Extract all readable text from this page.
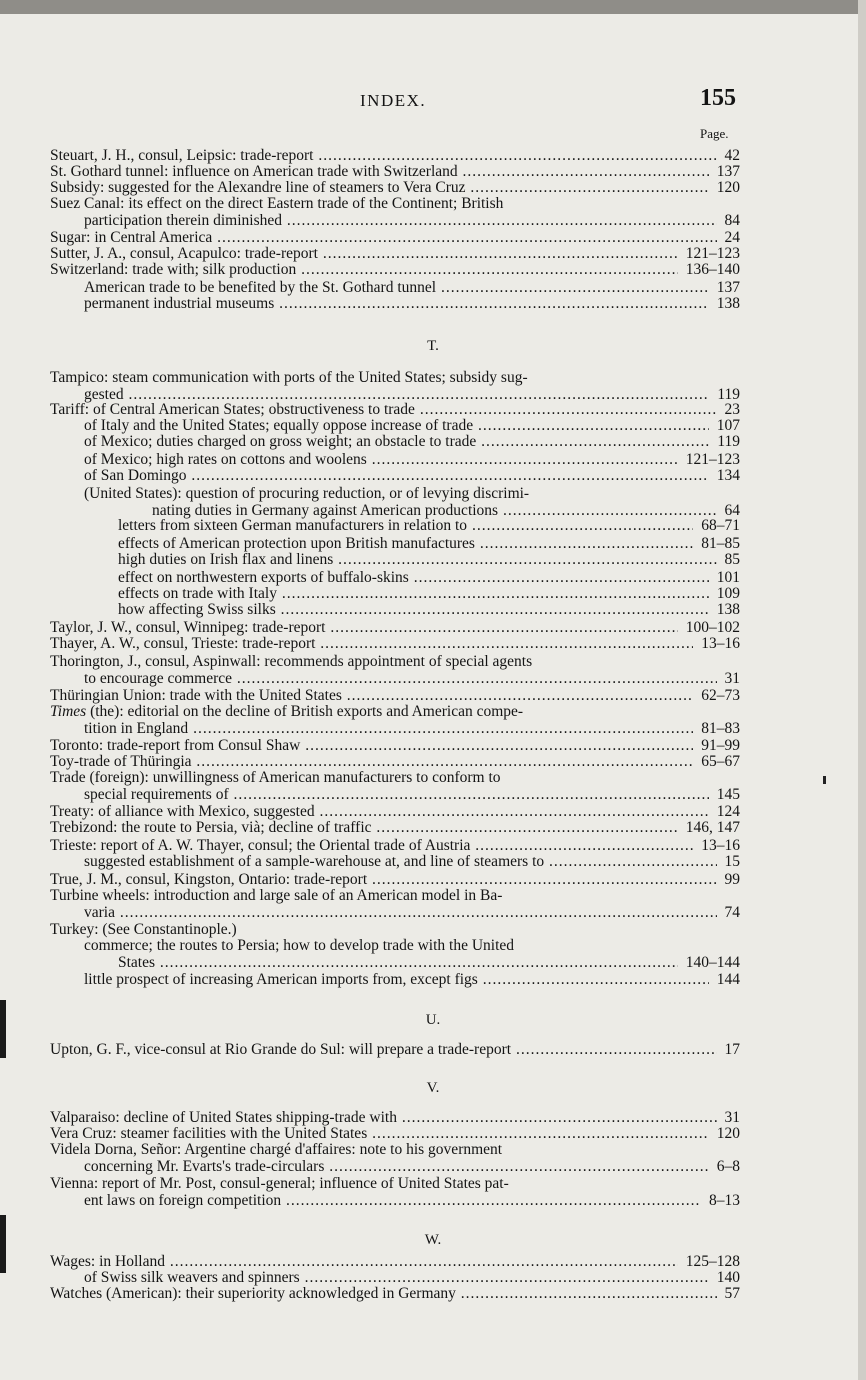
INDEX.	155
Page.
T.
U.
V.
W.
Steuart, J. H., consul, Leipsic: trade-report .....	42
St. Gothard tunnel: influence on American trade with Switzerland .....	137
Subsidy: suggested for the Alexandre line of steamers to Vera Cruz .....	120
Suez Canal: its effect on the direct Eastern trade of the Continent; British
participation therein diminished .....	84
Sugar: in Central America .....	24
Sutter, J. A., consul, Acapulco: trade-report .....	121–123
Switzerland: trade with; silk production .....	136–140
American trade to be benefited by the St. Gothard tunnel .....	137
permanent industrial museums .....	138
Tampico: steam communication with ports of the United States; subsidy sug-
gested .....	119
Tariff: of Central American States; obstructiveness to trade .....	23
of Italy and the United States; equally oppose increase of trade .....	107
of Mexico; duties charged on gross weight; an obstacle to trade .....	119
of Mexico; high rates on cottons and woolens .....	121–123
of San Domingo .....	134
(United States): question of procuring reduction, or of levying discrimi-
nating duties in Germany against American productions .....	64
letters from sixteen German manufacturers in relation to .....	68–71
effects of American protection upon British manufactures .....	81–85
high duties on Irish flax and linens .....	85
effect on northwestern exports of buffalo-skins .....	101
effects on trade with Italy .....	109
how affecting Swiss silks .....	138
Taylor, J. W., consul, Winnipeg: trade-report .....	100–102
Thayer, A. W., consul, Trieste: trade-report .....	13–16
Thorington, J., consul, Aspinwall: recommends appointment of special agents
to encourage commerce .....	31
Thüringian Union: trade with the United States .....	62–73
Times (the): editorial on the decline of British exports and American compe-
tition in England .....	81–83
Toronto: trade-report from Consul Shaw .....	91–99
Toy-trade of Thüringia .....	65–67
Trade (foreign): unwillingness of American manufacturers to conform to
special requirements of .....	145
Treaty: of alliance with Mexico, suggested .....	124
Trebizond: the route to Persia, vià; decline of traffic .....	146, 147
Trieste: report of A. W. Thayer, consul; the Oriental trade of Austria .....	13–16
suggested establishment of a sample-warehouse at, and line of steamers to .....	15
True, J. M., consul, Kingston, Ontario: trade-report .....	99
Turbine wheels: introduction and large sale of an American model in Ba-
varia .....	74
Turkey: (See Constantinople.)
commerce; the routes to Persia; how to develop trade with the United
States .....	140–144
little prospect of increasing American imports from, except figs .....	144
Upton, G. F., vice-consul at Rio Grande do Sul: will prepare a trade-report .....	17
Valparaiso: decline of United States shipping-trade with .....	31
Vera Cruz: steamer facilities with the United States .....	120
Videla Dorna, Señor: Argentine chargé d'affaires: note to his government
concerning Mr. Evarts's trade-circulars .....	6–8
Vienna: report of Mr. Post, consul-general; influence of United States pat-
ent laws on foreign competition .....	8–13
Wages: in Holland .....	125–128
of Swiss silk weavers and spinners .....	140
Watches (American): their superiority acknowledged in Germany .....	57
